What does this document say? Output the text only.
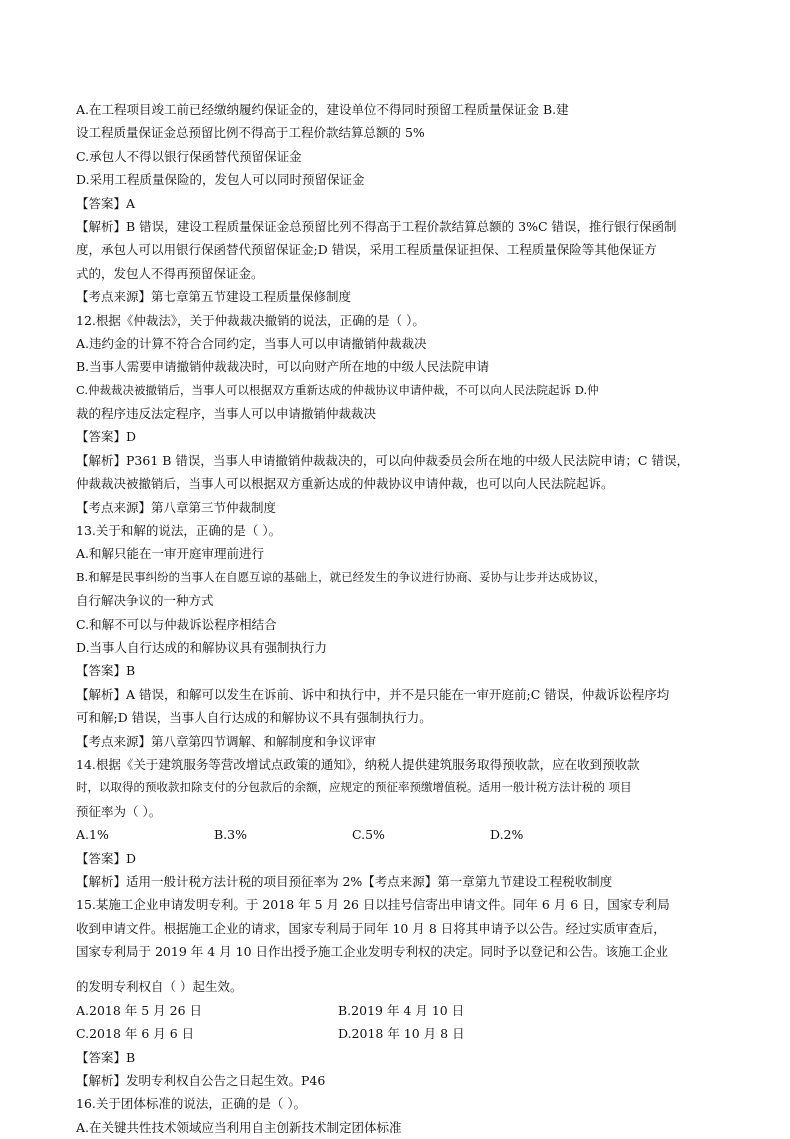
A.在工程项目竣工前已经缴纳履约保证金的，建设单位不得同时预留工程质量保证金 B.建
设工程质量保证金总预留比例不得高于工程价款结算总额的 5%
C.承包人不得以银行保函替代预留保证金
D.采用工程质量保险的，发包人可以同时预留保证金
【答案】A
【解析】B 错误，建设工程质量保证金总预留比列不得高于工程价款结算总额的 3%C 错误，推行银行保函制
度，承包人可以用银行保函替代预留保证金;D 错误，采用工程质量保证担保、工程质量保险等其他保证方
式的，发包人不得再预留保证金。
【考点来源】第七章第五节建设工程质量保修制度
12.根据《仲裁法》，关于仲裁裁决撤销的说法，正确的是（ ）。
A.违约金的计算不符合合同约定，当事人可以申请撤销仲裁裁决
B.当事人需要申请撤销仲裁裁决时，可以向财产所在地的中级人民法院申请
C.仲裁裁决被撤销后，当事人可以根据双方重新达成的仲裁协议申请仲裁，不可以向人民法院起诉 D.仲
裁的程序违反法定程序，当事人可以申请撤销仲裁裁决
【答案】D
【解析】P361 B 错误，当事人申请撤销仲裁裁决的，可以向仲裁委员会所在地的中级人民法院申请；C 错误，
仲裁裁决被撤销后，当事人可以根据双方重新达成的仲裁协议申请仲裁，也可以向人民法院起诉。
【考点来源】第八章第三节仲裁制度
13.关于和解的说法，正确的是（ ）。
A.和解只能在一审开庭审理前进行
B.和解是民事纠纷的当事人在自愿互谅的基础上，就已经发生的争议进行协商、妥协与让步并达成协议，
自行解决争议的一种方式
C.和解不可以与仲裁诉讼程序相结合
D.当事人自行达成的和解协议具有强制执行力
【答案】B
【解析】A 错误，和解可以发生在诉前、诉中和执行中，并不是只能在一审开庭前;C 错误，仲裁诉讼程序均
可和解;D 错误，当事人自行达成的和解协议不具有强制执行力。
【考点来源】第八章第四节调解、和解制度和争议评审
14.根据《关于建筑服务等营改增试点政策的通知》，纳税人提供建筑服务取得预收款，应在收到预收款
时，以取得的预收款扣除支付的分包款后的余额，应规定的预征率预缴增值税。适用一般计税方法计税的 项目
预征率为（ ）。
A.1%	B.3%	C.5%	D.2%
【答案】D
【解析】适用一般计税方法计税的项目预征率为 2%【考点来源】第一章第九节建设工程税收制度
15.某施工企业申请发明专利。于 2018 年 5 月 26 日以挂号信寄出申请文件。同年 6 月 6 日，国家专利局
收到申请文件。根据施工企业的请求，国家专利局于同年 10 月 8 日将其申请予以公告。经过实质审查后，
国家专利局于 2019 年 4 月 10 日作出授予施工企业发明专利权的决定。同时予以登记和公告。该施工企业
的发明专利权自（ ）起生效。
A.2018 年 5 月 26 日	B.2019 年 4 月 10 日
C.2018 年 6 月 6 日	D.2018 年 10 月 8 日
【答案】B
【解析】发明专利权自公告之日起生效。P46
16.关于团体标准的说法，正确的是（ ）。
A.在关键共性技术领域应当利用自主创新技术制定团体标准
